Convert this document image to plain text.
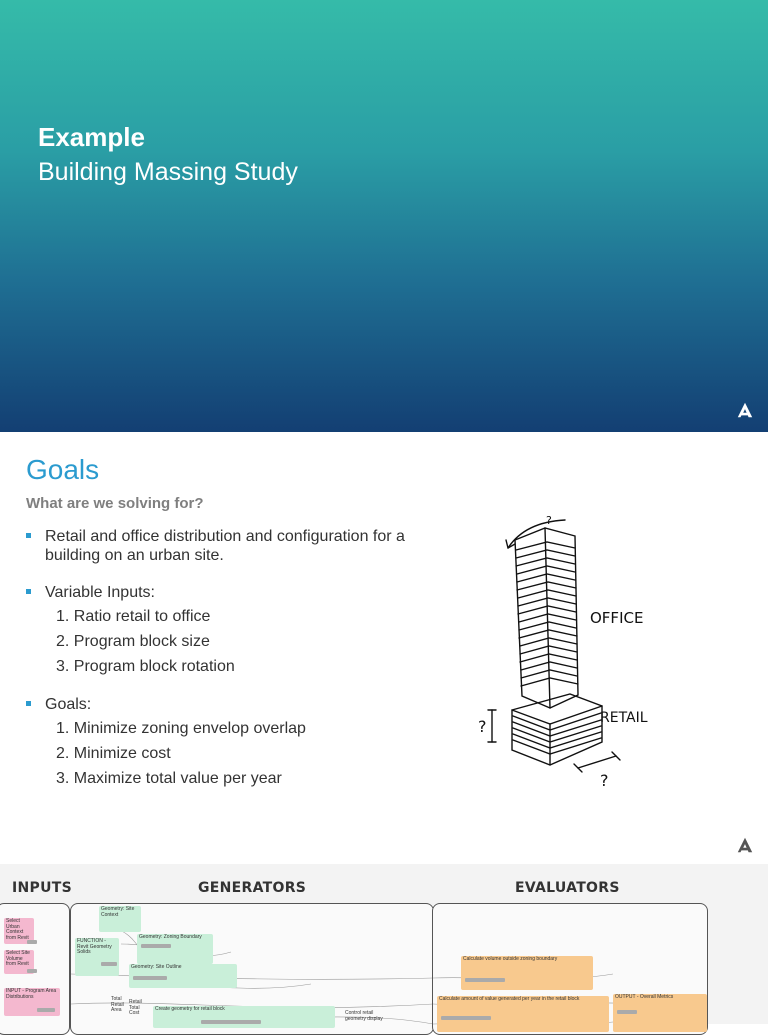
Example
Building Massing Study
Goals
What are we solving for?
Retail and office distribution and configuration for a building on an urban site.
Variable Inputs:
1. Ratio retail to office
2. Program block size
3. Program block rotation
Goals:
1. Minimize zoning envelop overlap
2. Minimize cost
3. Maximize total value per year
OFFICE
RETAIL
?
?
?
INPUTS	GENERATORS	EVALUATORS
Select Urban Context from Revit
Select Site Volume from Revit
INPUT - Program Area Distributions
Geometry: Site Context
FUNCTION - Revit Geometry Solids
Geometry: Zoning Boundary
Geometry: Site Outline
Total Retail Area
Retail Total Cost
Create geometry for retail block
Control retail geometry display
Calculate volume outside zoning boundary
Calculate amount of value generated per year in the retail block	OUTPUT - Overall Metrics
